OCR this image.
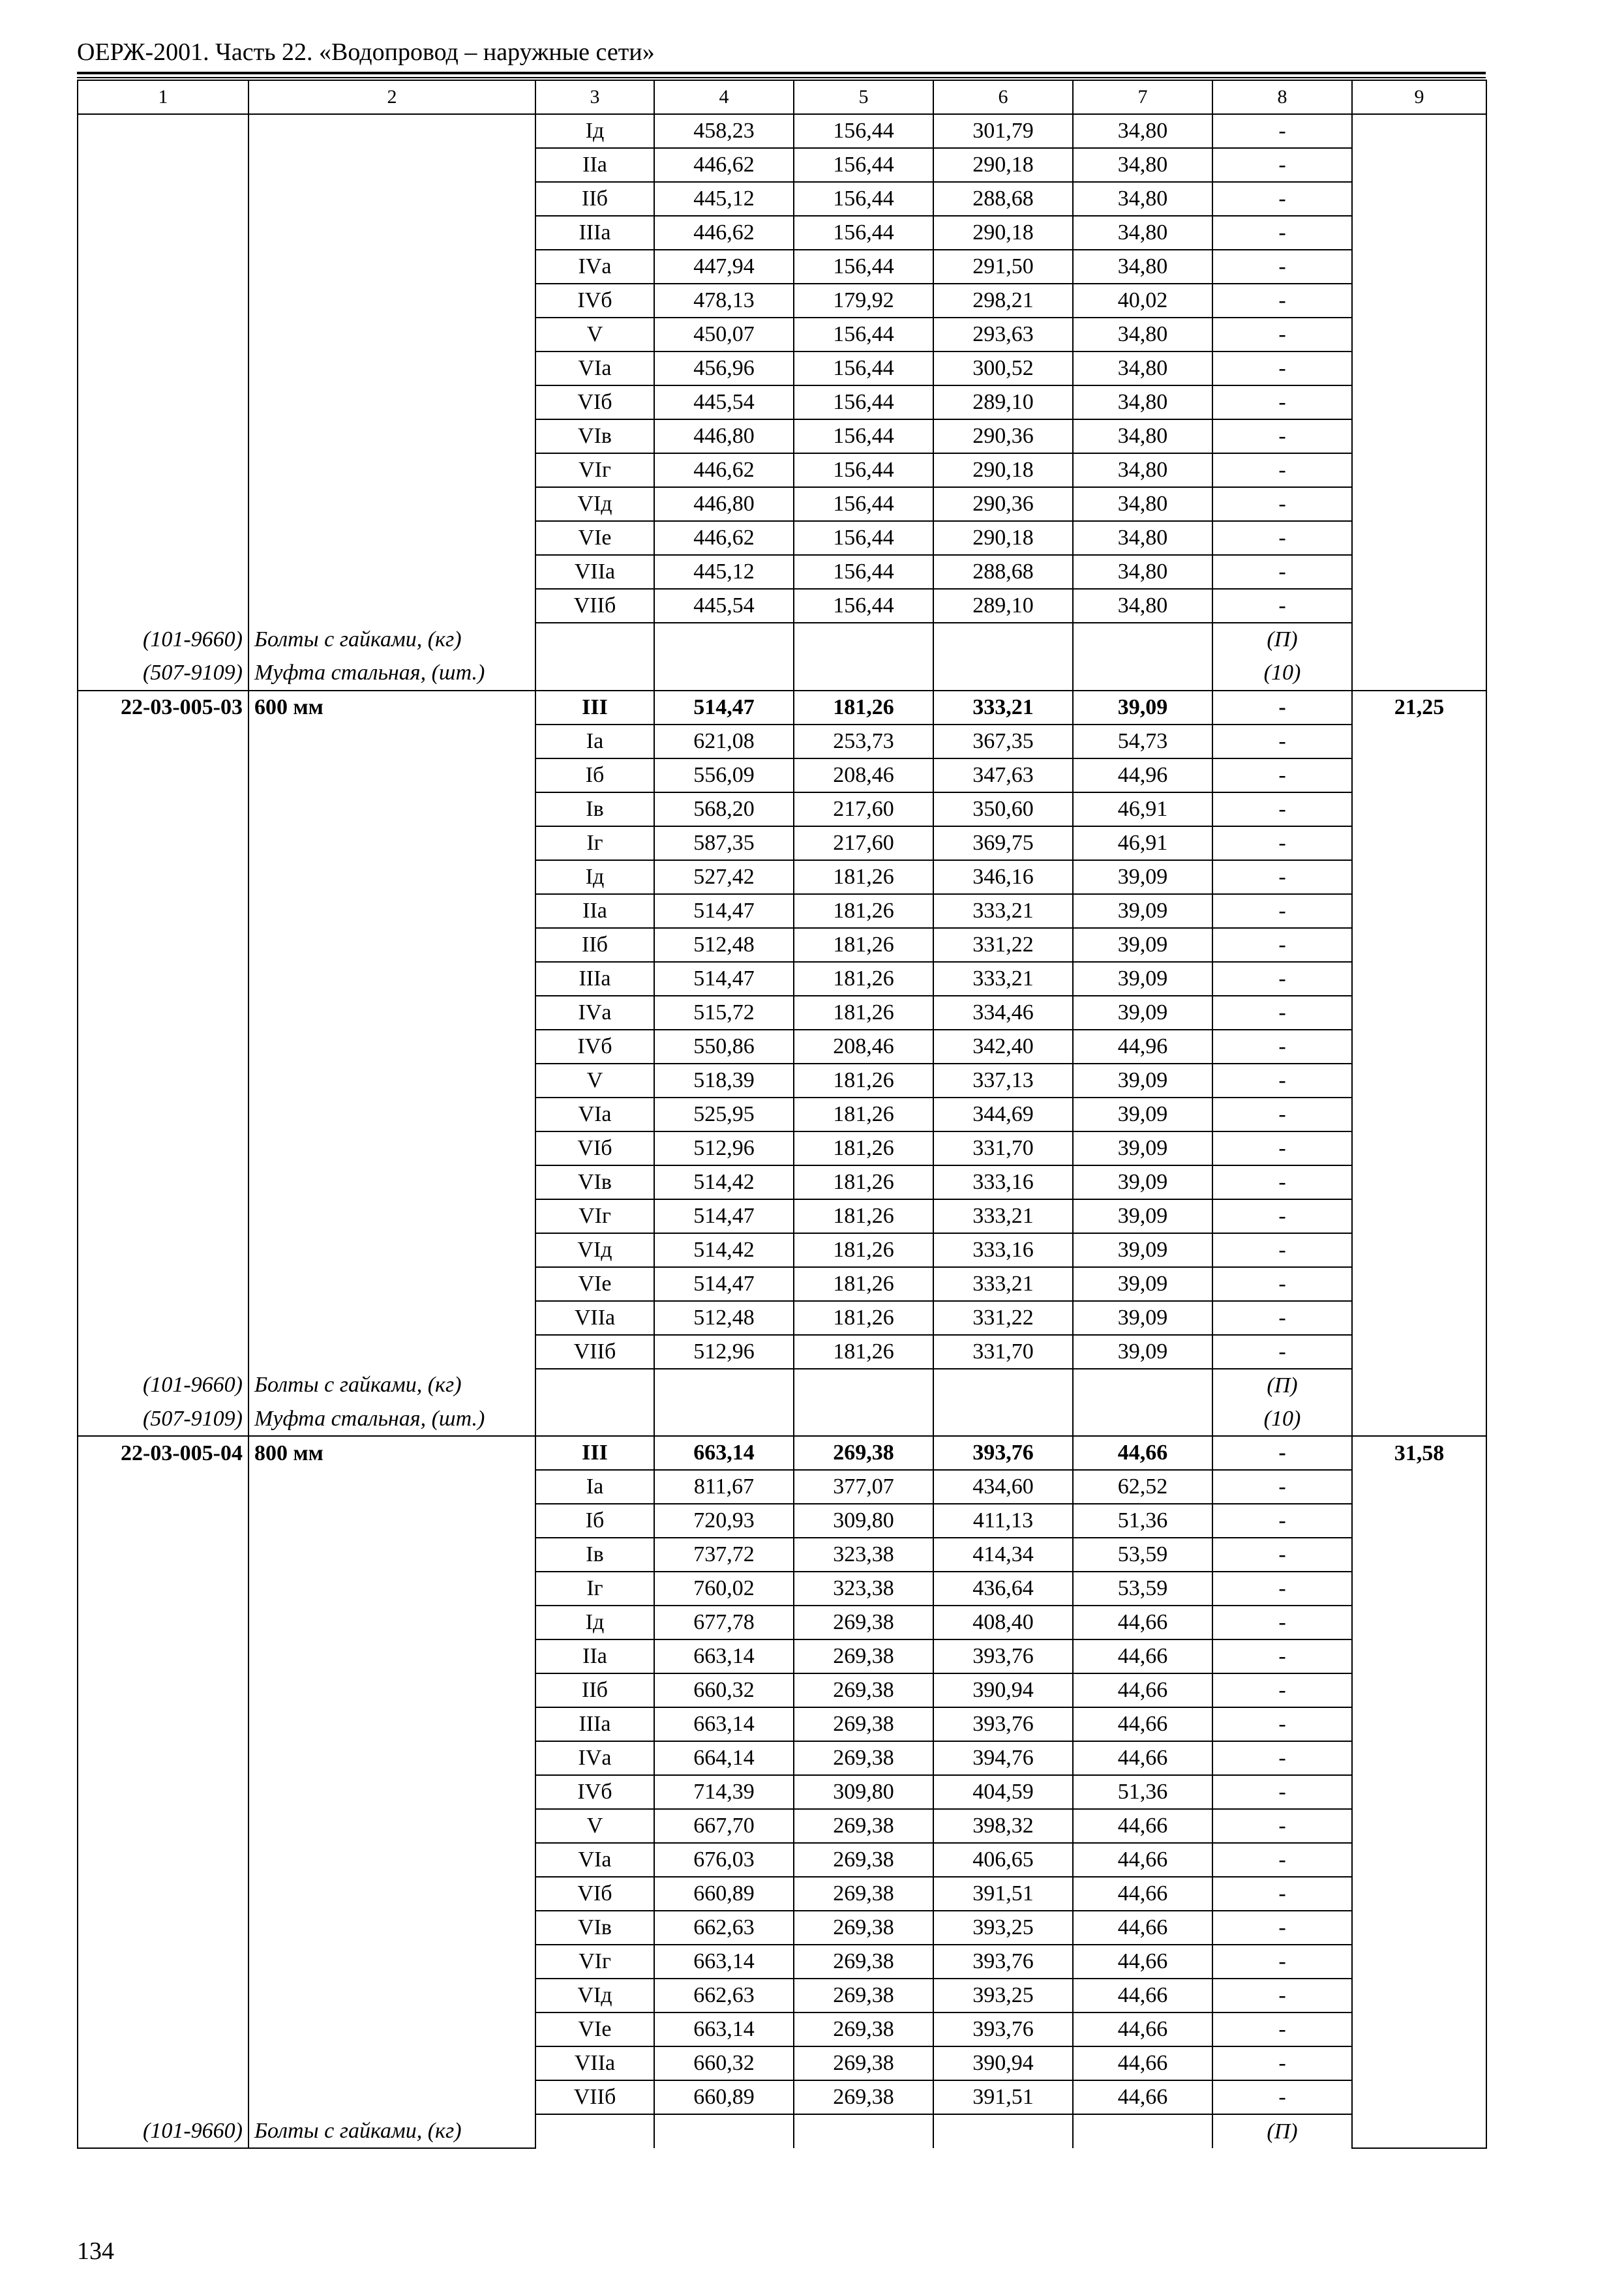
ОЕРЖ-2001. Часть 22. «Водопровод – наружные сети»
1	2	3	4	5	6	7	8	9
		Iд	458,23	156,44	301,79	34,80	-	
		IIа	446,62	156,44	290,18	34,80	-	
		IIб	445,12	156,44	288,68	34,80	-	
		IIIа	446,62	156,44	290,18	34,80	-	
		IVа	447,94	156,44	291,50	34,80	-	
		IVб	478,13	179,92	298,21	40,02	-	
		V	450,07	156,44	293,63	34,80	-	
		VIа	456,96	156,44	300,52	34,80	-	
		VIб	445,54	156,44	289,10	34,80	-	
		VIв	446,80	156,44	290,36	34,80	-	
		VIг	446,62	156,44	290,18	34,80	-	
		VIд	446,80	156,44	290,36	34,80	-	
		VIе	446,62	156,44	290,18	34,80	-	
		VIIа	445,12	156,44	288,68	34,80	-	
		VIIб	445,54	156,44	289,10	34,80	-	
(101-9660)	Болты с гайками, (кг)						(П)	
(507-9109)	Муфта стальная, (шт.)						(10)	
22-03-005-03	600 мм	III	514,47	181,26	333,21	39,09	-	21,25
		Iа	621,08	253,73	367,35	54,73	-	
		Iб	556,09	208,46	347,63	44,96	-	
		Iв	568,20	217,60	350,60	46,91	-	
		Iг	587,35	217,60	369,75	46,91	-	
		Iд	527,42	181,26	346,16	39,09	-	
		IIа	514,47	181,26	333,21	39,09	-	
		IIб	512,48	181,26	331,22	39,09	-	
		IIIа	514,47	181,26	333,21	39,09	-	
		IVа	515,72	181,26	334,46	39,09	-	
		IVб	550,86	208,46	342,40	44,96	-	
		V	518,39	181,26	337,13	39,09	-	
		VIа	525,95	181,26	344,69	39,09	-	
		VIб	512,96	181,26	331,70	39,09	-	
		VIв	514,42	181,26	333,16	39,09	-	
		VIг	514,47	181,26	333,21	39,09	-	
		VIд	514,42	181,26	333,16	39,09	-	
		VIе	514,47	181,26	333,21	39,09	-	
		VIIа	512,48	181,26	331,22	39,09	-	
		VIIб	512,96	181,26	331,70	39,09	-	
(101-9660)	Болты с гайками, (кг)						(П)	
(507-9109)	Муфта стальная, (шт.)						(10)	
22-03-005-04	800 мм	III	663,14	269,38	393,76	44,66	-	31,58
		Iа	811,67	377,07	434,60	62,52	-	
		Iб	720,93	309,80	411,13	51,36	-	
		Iв	737,72	323,38	414,34	53,59	-	
		Iг	760,02	323,38	436,64	53,59	-	
		Iд	677,78	269,38	408,40	44,66	-	
		IIа	663,14	269,38	393,76	44,66	-	
		IIб	660,32	269,38	390,94	44,66	-	
		IIIа	663,14	269,38	393,76	44,66	-	
		IVа	664,14	269,38	394,76	44,66	-	
		IVб	714,39	309,80	404,59	51,36	-	
		V	667,70	269,38	398,32	44,66	-	
		VIа	676,03	269,38	406,65	44,66	-	
		VIб	660,89	269,38	391,51	44,66	-	
		VIв	662,63	269,38	393,25	44,66	-	
		VIг	663,14	269,38	393,76	44,66	-	
		VIд	662,63	269,38	393,25	44,66	-	
		VIе	663,14	269,38	393,76	44,66	-	
		VIIа	660,32	269,38	390,94	44,66	-	
		VIIб	660,89	269,38	391,51	44,66	-	
(101-9660)	Болты с гайками, (кг)						(П)	
134
